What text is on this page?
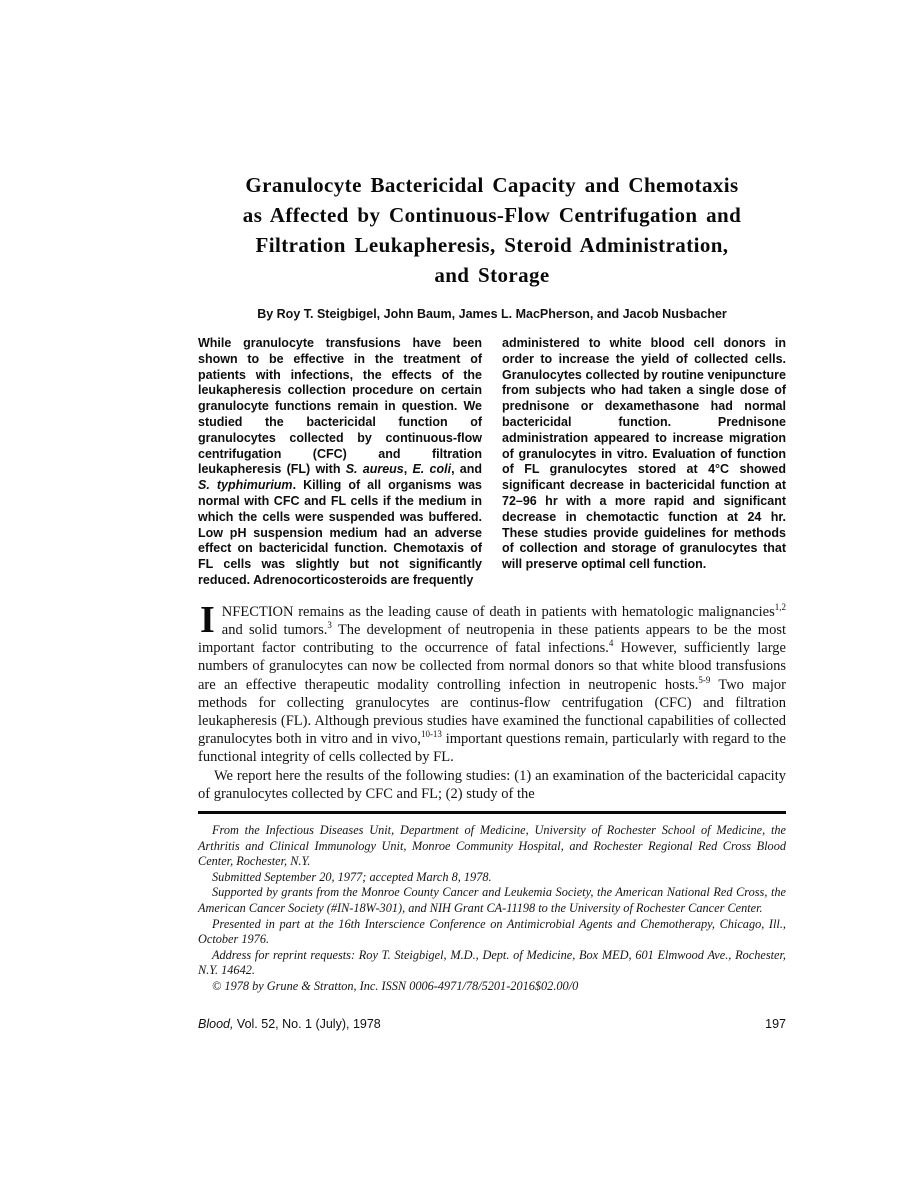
Granulocyte Bactericidal Capacity and Chemotaxis
as Affected by Continuous-Flow Centrifugation and
Filtration Leukapheresis, Steroid Administration,
and Storage
By Roy T. Steigbigel, John Baum, James L. MacPherson, and Jacob Nusbacher
While granulocyte transfusions have been shown to be effective in the treatment of patients with infections, the effects of the leukapheresis collection procedure on certain granulocyte functions remain in question. We studied the bactericidal function of granulocytes collected by continuous-flow centrifugation (CFC) and filtration leukapheresis (FL) with S. aureus, E. coli, and S. typhimurium. Killing of all organisms was normal with CFC and FL cells if the medium in which the cells were suspended was buffered. Low pH suspension medium had an adverse effect on bactericidal function. Chemotaxis of FL cells was slightly but not significantly reduced. Adrenocorticosteroids are frequently
administered to white blood cell donors in order to increase the yield of collected cells. Granulocytes collected by routine venipuncture from subjects who had taken a single dose of prednisone or dexamethasone had normal bactericidal function. Prednisone administration appeared to increase migration of granulocytes in vitro. Evaluation of function of FL granulocytes stored at 4°C showed significant decrease in bactericidal function at 72–96 hr with a more rapid and significant decrease in chemotactic function at 24 hr. These studies provide guidelines for methods of collection and storage of granulocytes that will preserve optimal cell function.

INFECTION remains as the leading cause of death in patients with hematologic malignancies$^{1,2}$ and solid tumors.$^3$ The development of neutropenia in these patients appears to be the most important factor contributing to the occurrence of fatal infections.$^4$ However, sufficiently large numbers of granulocytes can now be collected from normal donors so that white blood transfusions are an effective therapeutic modality controlling infection in neutropenic hosts.$^{5-9}$ Two major methods for collecting granulocytes are continus-flow centrifugation (CFC) and filtration leukapheresis (FL). Although previous studies have examined the functional capabilities of collected granulocytes both in vitro and in vivo,$^{10-13}$ important questions remain, particularly with regard to the functional integrity of cells collected by FL.

We report here the results of the following studies: (1) an examination of the bactericidal capacity of granulocytes collected by CFC and FL; (2) study of the

From the Infectious Diseases Unit, Department of Medicine, University of Rochester School of Medicine, the Arthritis and Clinical Immunology Unit, Monroe Community Hospital, and Rochester Regional Red Cross Blood Center, Rochester, N.Y.

Submitted September 20, 1977; accepted March 8, 1978.

Supported by grants from the Monroe County Cancer and Leukemia Society, the American National Red Cross, the American Cancer Society (#IN-18W-301), and NIH Grant CA-11198 to the University of Rochester Cancer Center.

Presented in part at the 16th Interscience Conference on Antimicrobial Agents and Chemotherapy, Chicago, Ill., October 1976.

Address for reprint requests: Roy T. Steigbigel, M.D., Dept. of Medicine, Box MED, 601 Elmwood Ave., Rochester, N.Y. 14642.

© 1978 by Grune & Stratton, Inc. ISSN 0006-4971/78/5201-2016$02.00/0

Blood, Vol. 52, No. 1 (July), 1978	197
